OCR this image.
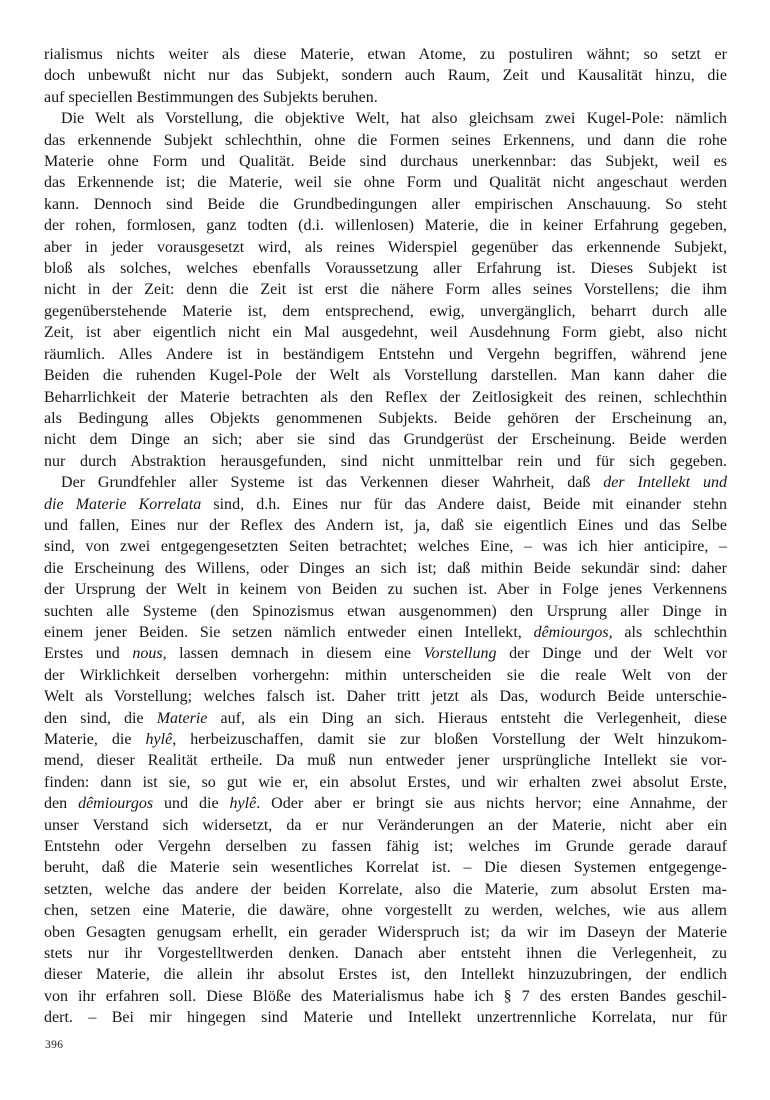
rialismus nichts weiter als diese Materie, etwan Atome, zu postuliren wähnt; so setzt er
doch unbewußt nicht nur das Subjekt, sondern auch Raum, Zeit und Kausalität hinzu, die
auf speciellen Bestimmungen des Subjekts beruhen.
Die Welt als Vorstellung, die objektive Welt, hat also gleichsam zwei Kugel-Pole: nämlich
das erkennende Subjekt schlechthin, ohne die Formen seines Erkennens, und dann die rohe
Materie ohne Form und Qualität. Beide sind durchaus unerkennbar: das Subjekt, weil es
das Erkennende ist; die Materie, weil sie ohne Form und Qualität nicht angeschaut werden
kann. Dennoch sind Beide die Grundbedingungen aller empirischen Anschauung. So steht
der rohen, formlosen, ganz todten (d.i. willenlosen) Materie, die in keiner Erfahrung gegeben,
aber in jeder vorausgesetzt wird, als reines Widerspiel gegenüber das erkennende Subjekt,
bloß als solches, welches ebenfalls Voraussetzung aller Erfahrung ist. Dieses Subjekt ist
nicht in der Zeit: denn die Zeit ist erst die nähere Form alles seines Vorstellens; die ihm
gegenüberstehende Materie ist, dem entsprechend, ewig, unvergänglich, beharrt durch alle
Zeit, ist aber eigentlich nicht ein Mal ausgedehnt, weil Ausdehnung Form giebt, also nicht
räumlich. Alles Andere ist in beständigem Entstehn und Vergehn begriffen, während jene
Beiden die ruhenden Kugel-Pole der Welt als Vorstellung darstellen. Man kann daher die
Beharrlichkeit der Materie betrachten als den Reflex der Zeitlosigkeit des reinen, schlechthin
als Bedingung alles Objekts genommenen Subjekts. Beide gehören der Erscheinung an,
nicht dem Dinge an sich; aber sie sind das Grundgerüst der Erscheinung. Beide werden
nur durch Abstraktion herausgefunden, sind nicht unmittelbar rein und für sich gegeben.
Der Grundfehler aller Systeme ist das Verkennen dieser Wahrheit, daß der Intellekt und
die Materie Korrelata sind, d.h. Eines nur für das Andere daist, Beide mit einander stehn
und fallen, Eines nur der Reflex des Andern ist, ja, daß sie eigentlich Eines und das Selbe
sind, von zwei entgegengesetzten Seiten betrachtet; welches Eine, – was ich hier anticipire, –
die Erscheinung des Willens, oder Dinges an sich ist; daß mithin Beide sekundär sind: daher
der Ursprung der Welt in keinem von Beiden zu suchen ist. Aber in Folge jenes Verkennens
suchten alle Systeme (den Spinozismus etwan ausgenommen) den Ursprung aller Dinge in
einem jener Beiden. Sie setzen nämlich entweder einen Intellekt, dêmiourgos, als schlechthin
Erstes und nous, lassen demnach in diesem eine Vorstellung der Dinge und der Welt vor
der Wirklichkeit derselben vorhergehn: mithin unterscheiden sie die reale Welt von der
Welt als Vorstellung; welches falsch ist. Daher tritt jetzt als Das, wodurch Beide unterschie-
den sind, die Materie auf, als ein Ding an sich. Hieraus entsteht die Verlegenheit, diese
Materie, die hylê, herbeizuschaffen, damit sie zur bloßen Vorstellung der Welt hinzukom-
mend, dieser Realität ertheile. Da muß nun entweder jener ursprüngliche Intellekt sie vor-
finden: dann ist sie, so gut wie er, ein absolut Erstes, und wir erhalten zwei absolut Erste,
den dêmiourgos und die hylê. Oder aber er bringt sie aus nichts hervor; eine Annahme, der
unser Verstand sich widersetzt, da er nur Veränderungen an der Materie, nicht aber ein
Entstehn oder Vergehn derselben zu fassen fähig ist; welches im Grunde gerade darauf
beruht, daß die Materie sein wesentliches Korrelat ist. – Die diesen Systemen entgegenge-
setzten, welche das andere der beiden Korrelate, also die Materie, zum absolut Ersten ma-
chen, setzen eine Materie, die dawäre, ohne vorgestellt zu werden, welches, wie aus allem
oben Gesagten genugsam erhellt, ein gerader Widerspruch ist; da wir im Daseyn der Materie
stets nur ihr Vorgestelltwerden denken. Danach aber entsteht ihnen die Verlegenheit, zu
dieser Materie, die allein ihr absolut Erstes ist, den Intellekt hinzuzubringen, der endlich
von ihr erfahren soll. Diese Blöße des Materialismus habe ich § 7 des ersten Bandes geschil-
dert. – Bei mir hingegen sind Materie und Intellekt unzertrennliche Korrelata, nur für
396
